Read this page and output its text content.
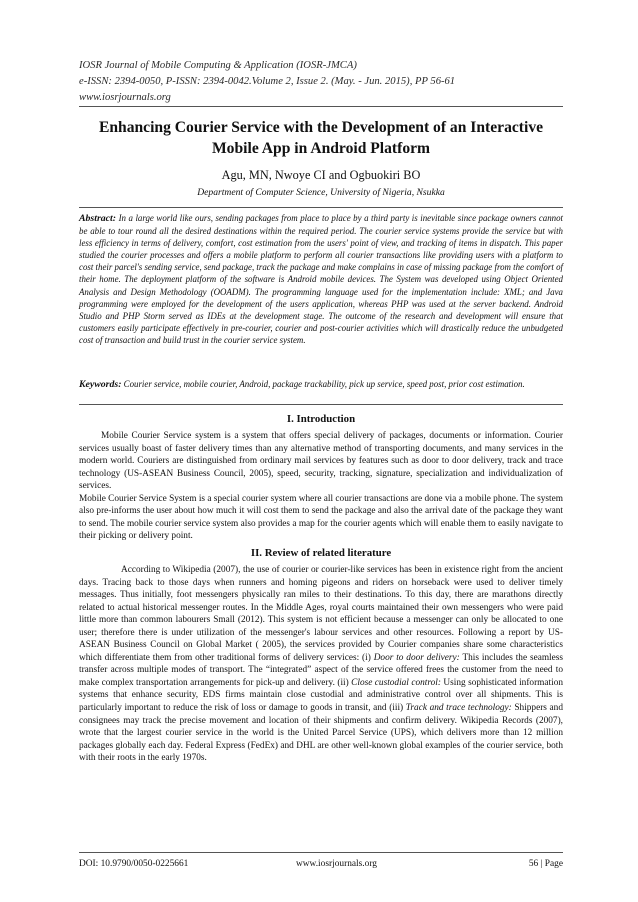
IOSR Journal of Mobile Computing & Application (IOSR-JMCA)
e-ISSN: 2394-0050, P-ISSN: 2394-0042.Volume 2, Issue 2. (May. - Jun. 2015), PP 56-61
www.iosrjournals.org
Enhancing Courier Service with the Development of an Interactive Mobile App in Android Platform
Agu, MN, Nwoye CI and Ogbuokiri BO
Department of Computer Science, University of Nigeria, Nsukka
Abstract: In a large world like ours, sending packages from place to place by a third party is inevitable since package owners cannot be able to tour round all the desired destinations within the required period. The courier service systems provide the service but with less efficiency in terms of delivery, comfort, cost estimation from the users' point of view, and tracking of items in dispatch. This paper studied the courier processes and offers a mobile platform to perform all courier transactions like providing users with a platform to cost their parcel's sending service, send package, track the package and make complains in case of missing package from the comfort of their home. The deployment platform of the software is Android mobile devices. The System was developed using Object Oriented Analysis and Design Methodology (OOADM). The programming language used for the implementation include: XML; and Java programming were employed for the development of the users application, whereas PHP was used at the server backend. Android Studio and PHP Storm served as IDEs at the development stage. The outcome of the research and development will ensure that customers easily participate effectively in pre-courier, courier and post-courier activities which will drastically reduce the unbudgeted cost of transaction and build trust in the courier service system.
Keywords: Courier service, mobile courier, Android, package trackability, pick up service, speed post, prior cost estimation.
I. Introduction

Mobile Courier Service system is a system that offers special delivery of packages, documents or information. Courier services usually boast of faster delivery times than any alternative method of transporting documents, and many services in the modern world. Couriers are distinguished from ordinary mail services by features such as door to door delivery, track and trace technology (US-ASEAN Business Council, 2005), speed, security, tracking, signature, specialization and individualization of services.

Mobile Courier Service System is a special courier system where all courier transactions are done via a mobile phone. The system also pre-informs the user about how much it will cost them to send the package and also the arrival date of the package they want to send. The mobile courier service system also provides a map for the courier agents which will enable them to easily navigate to their picking or delivery point.

II. Review of related literature

According to Wikipedia (2007), the use of courier or courier-like services has been in existence right from the ancient days. Tracing back to those days when runners and homing pigeons and riders on horseback were used to deliver timely messages. Thus initially, foot messengers physically ran miles to their destinations. To this day, there are marathons directly related to actual historical messenger routes. In the Middle Ages, royal courts maintained their own messengers who were paid little more than common labourers Small (2012). This system is not efficient because a messenger can only be allocated to one user; therefore there is under utilization of the messenger's labour services and other resources. Following a report by US-ASEAN Business Council on Global Market ( 2005), the services provided by Courier companies share some characteristics which differentiate them from other traditional forms of delivery services: (i) Door to door delivery: This includes the seamless transfer across multiple modes of transport. The “integrated” aspect of the service offered frees the customer from the need to make complex transportation arrangements for pick-up and delivery. (ii) Close custodial control: Using sophisticated information systems that enhance security, EDS firms maintain close custodial and administrative control over all shipments. This is particularly important to reduce the risk of loss or damage to goods in transit, and (iii) Track and trace technology: Shippers and consignees may track the precise movement and location of their shipments and confirm delivery. Wikipedia Records (2007), wrote that the largest courier service in the world is the United Parcel Service (UPS), which delivers more than 12 million packages globally each day. Federal Express (FedEx) and DHL are other well-known global examples of the courier service, both with their roots in the early 1970s.

DOI: 10.9790/0050-0225661	www.iosrjournals.org	56 | Page
